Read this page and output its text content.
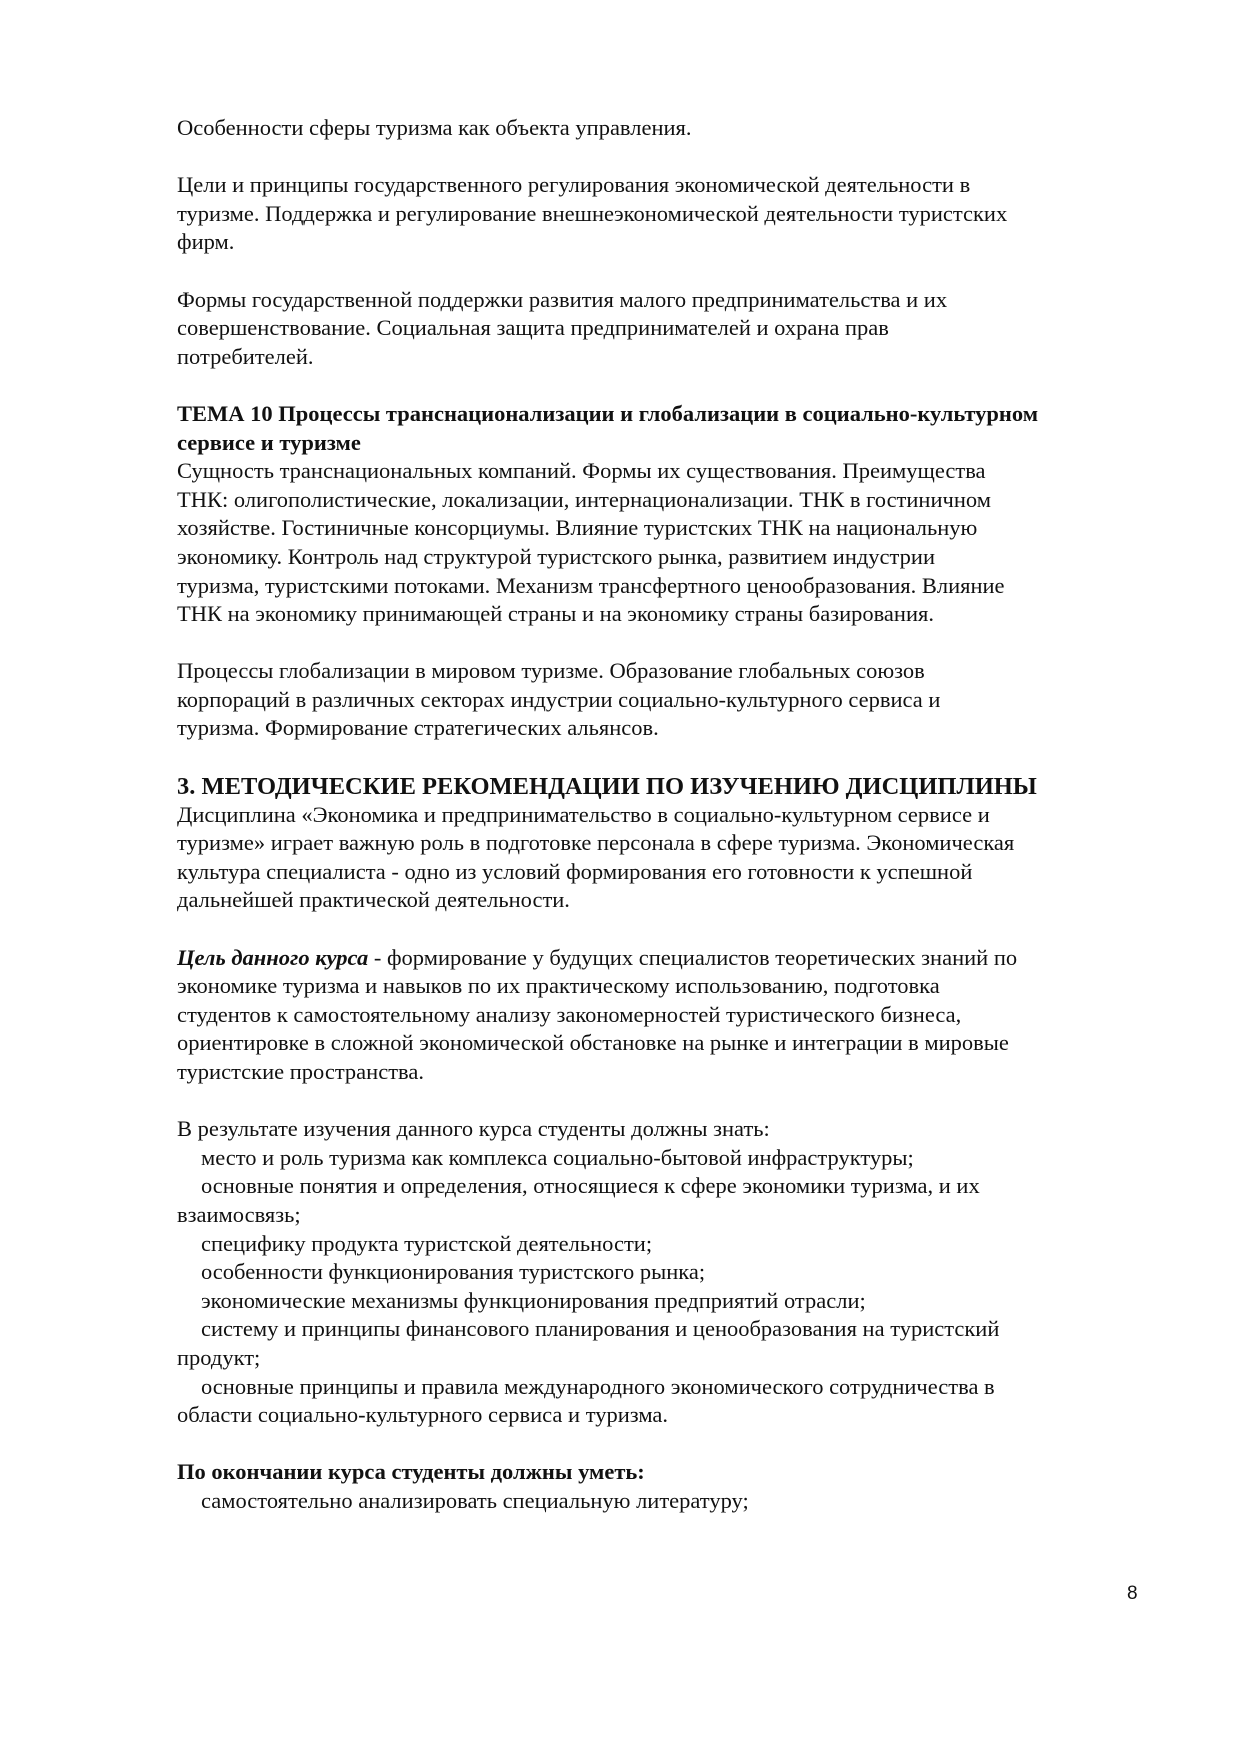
Особенности сферы туризма как объекта управления.

Цели и принципы государственного регулирования экономической деятельности в

туризме. Поддержка и регулирование внешнеэкономической деятельности туристских

фирм.

Формы государственной поддержки развития малого предпринимательства и их

совершенствование. Социальная защита предпринимателей и охрана прав

потребителей.

ТЕМА 10 Процессы транснационализации и глобализации в социально-культурном

сервисе и туризме

Сущность транснациональных компаний. Формы их существования. Преимущества

ТНК: олигополистические, локализации, интернационализации. ТНК в гостиничном

хозяйстве. Гостиничные консорциумы. Влияние туристских ТНК на национальную

экономику. Контроль над структурой туристского рынка, развитием индустрии

туризма, туристскими потоками. Механизм трансфертного ценообразования. Влияние

ТНК на экономику принимающей страны и на экономику страны базирования.

Процессы глобализации в мировом туризме. Образование глобальных союзов

корпораций в различных секторах индустрии социально-культурного сервиса и

туризма. Формирование стратегических альянсов.

3. МЕТОДИЧЕСКИЕ РЕКОМЕНДАЦИИ ПО ИЗУЧЕНИЮ ДИСЦИПЛИНЫ

Дисциплина «Экономика и предпринимательство в социально-культурном сервисе и

туризме» играет важную роль в подготовке персонала в сфере туризма. Экономическая

культура специалиста - одно из условий формирования его готовности к успешной

дальнейшей практической деятельности.

Цель данного курса - формирование у будущих специалистов теоретических знаний по

экономике туризма и навыков по их практическому использованию, подготовка

студентов к самостоятельному анализу закономерностей туристического бизнеса,

ориентировке в сложной экономической обстановке на рынке и интеграции в мировые

туристские пространства.

В результате изучения данного курса студенты должны знать:

место и роль туризма как комплекса социально-бытовой инфраструктуры;

основные понятия и определения, относящиеся к сфере экономики туризма, и их

взаимосвязь;

специфику продукта туристской деятельности;

особенности функционирования туристского рынка;

экономические механизмы функционирования предприятий отрасли;

систему и принципы финансового планирования и ценообразования на туристский

продукт;

основные принципы и правила международного экономического сотрудничества в

области социально-культурного сервиса и туризма.

По окончании курса студенты должны уметь:

самостоятельно анализировать специальную литературу;

8
